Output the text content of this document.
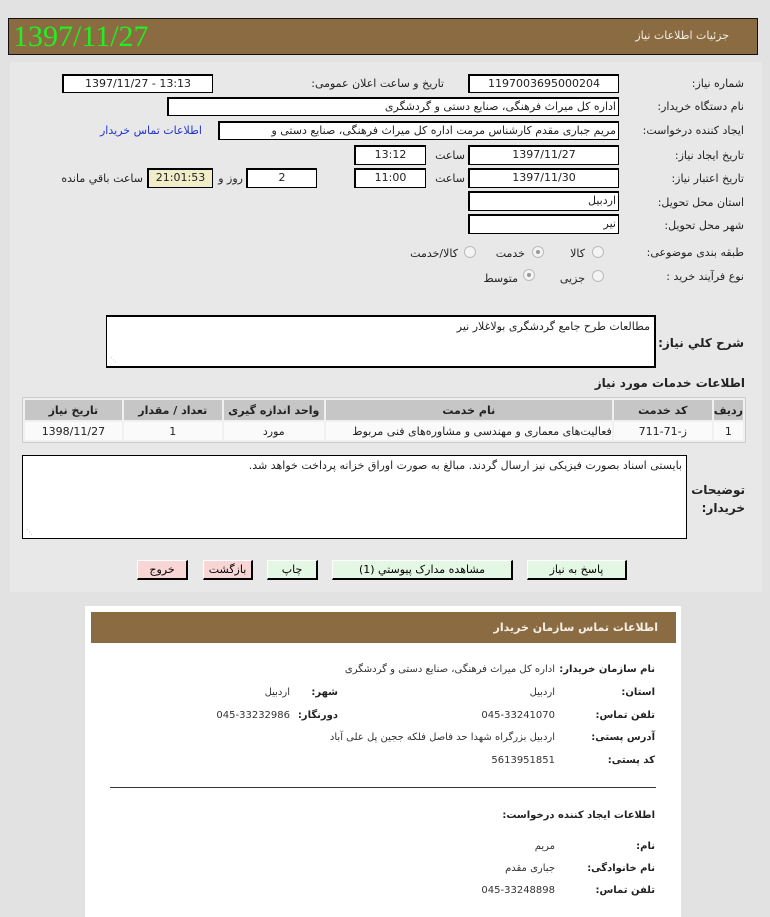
1397/11/27	جزئیات اطلاعات نیاز
شماره نیاز:
1197003695000204
تاریخ و ساعت اعلان عمومی:
1397/11/27 - 13:13
نام دستگاه خریدار:
اداره کل میراث فرهنگی، صنایع دستی و گردشگری
ایجاد کننده درخواست:
مریم جباری مقدم کارشناس مرمت اداره کل میراث فرهنگی، صنایع دستی و
اطلاعات تماس خریدار
تاریخ ایجاد نیاز:
1397/11/27
ساعت
13:12
تاریخ اعتبار نیاز:
1397/11/30
ساعت
11:00
2
روز و
21:01:53
ساعت باقي مانده
استان محل تحویل:
اردبیل
شهر محل تحویل:
نیر
طبقه بندی موضوعی:
کالا
خدمت
کالا/خدمت
نوع فرآیند خرید :
جزیی
متوسط
شرح کلي نياز:
مطالعات طرح جامع گردشگری بولاغلار نیر
⋰
اطلاعات خدمات مورد نیاز
ردیف	کد خدمت	نام خدمت	واحد اندازه گیری	تعداد / مقدار	تاریخ نیاز
1	ز-71-711	فعالیت‌های معماری و مهندسی و مشاوره‌های فنی مربوط	مورد	1	1398/11/27
توضیحات خریدار:
بایستی اسناد بصورت فیزیکی نیز ارسال گردند. مبالغ به صورت اوراق خزانه پرداخت خواهد شد.
⋰
پاسخ به نیاز
مشاهده مدارک پیوستي (1)
چاپ
بازگشت
خروج
اطلاعات تماس سازمان خریدار
نام سازمان خریدار:
اداره کل میراث فرهنگی، صنایع دستی و گردشگری
استان:
اردبیل
شهر:
اردبیل
تلفن تماس:
045-33241070
دورنگار:
045-33232986
آدرس پستی:
اردبیل بزرگراه شهدا حد فاصل فلکه ججین پل علی آباد
کد پستی:
5613951851
اطلاعات ایجاد کننده درخواست:
نام:
مریم
نام خانوادگی:
جباری مقدم
تلفن تماس:
045-33248898
